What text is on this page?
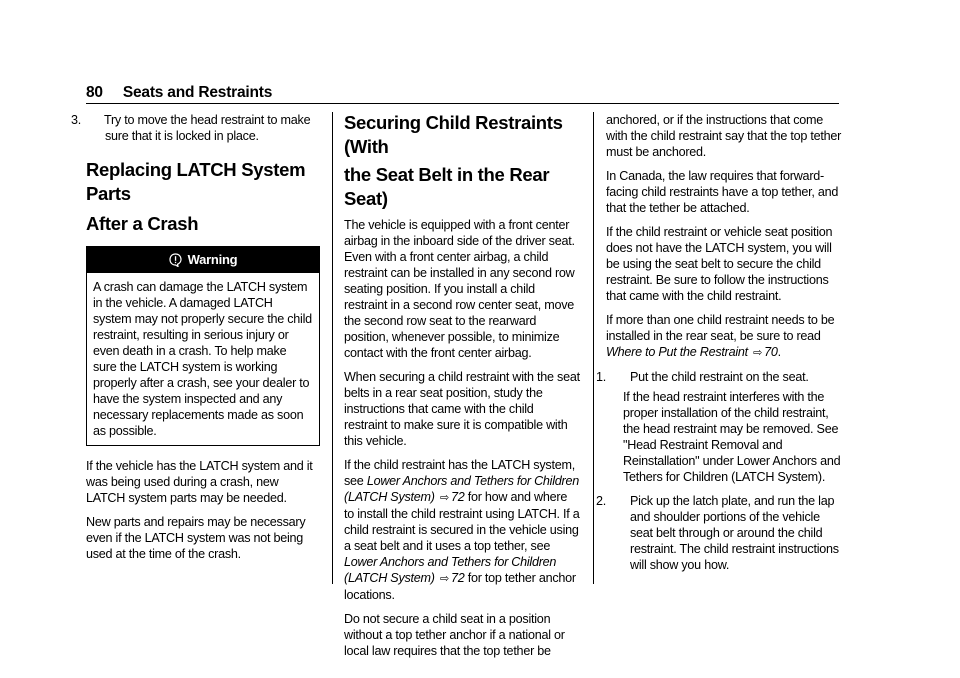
80 Seats and Restraints

3. Try to move the head restraint to make sure that it is locked in place.

Replacing LATCH System Parts
After a Crash
Warning
A crash can damage the LATCH system in the vehicle. A damaged LATCH system may not properly secure the child restraint, resulting in serious injury or even death in a crash. To help make sure the LATCH system is working properly after a crash, see your dealer to have the system inspected and any necessary replacements made as soon as possible.

If the vehicle has the LATCH system and it was being used during a crash, new LATCH system parts may be needed.

New parts and repairs may be necessary even if the LATCH system was not being used at the time of the crash.

Securing Child Restraints (With
the Seat Belt in the Rear Seat)

The vehicle is equipped with a front center airbag in the inboard side of the driver seat. Even with a front center airbag, a child restraint can be installed in any second row seating position. If you install a child restraint in a second row center seat, move the second row seat to the rearward position, whenever possible, to minimize contact with the front center airbag.

When securing a child restraint with the seat belts in a rear seat position, study the instructions that came with the child restraint to make sure it is compatible with this vehicle.

If the child restraint has the LATCH system, see Lower Anchors and Tethers for Children (LATCH System) ⇨ 72 for how and where to install the child restraint using LATCH. If a child restraint is secured in the vehicle using a seat belt and it uses a top tether, see Lower Anchors and Tethers for Children (LATCH System) ⇨ 72 for top tether anchor locations.

Do not secure a child seat in a position without a top tether anchor if a national or local law requires that the top tether be

anchored, or if the instructions that come with the child restraint say that the top tether must be anchored.

In Canada, the law requires that forward-facing child restraints have a top tether, and that the tether be attached.

If the child restraint or vehicle seat position does not have the LATCH system, you will be using the seat belt to secure the child restraint. Be sure to follow the instructions that came with the child restraint.

If more than one child restraint needs to be installed in the rear seat, be sure to read Where to Put the Restraint ⇨ 70.

1. Put the child restraint on the seat.

If the head restraint interferes with the proper installation of the child restraint, the head restraint may be removed. See "Head Restraint Removal and Reinstallation" under Lower Anchors and Tethers for Children (LATCH System).

2. Pick up the latch plate, and run the lap and shoulder portions of the vehicle seat belt through or around the child restraint. The child restraint instructions will show you how.
